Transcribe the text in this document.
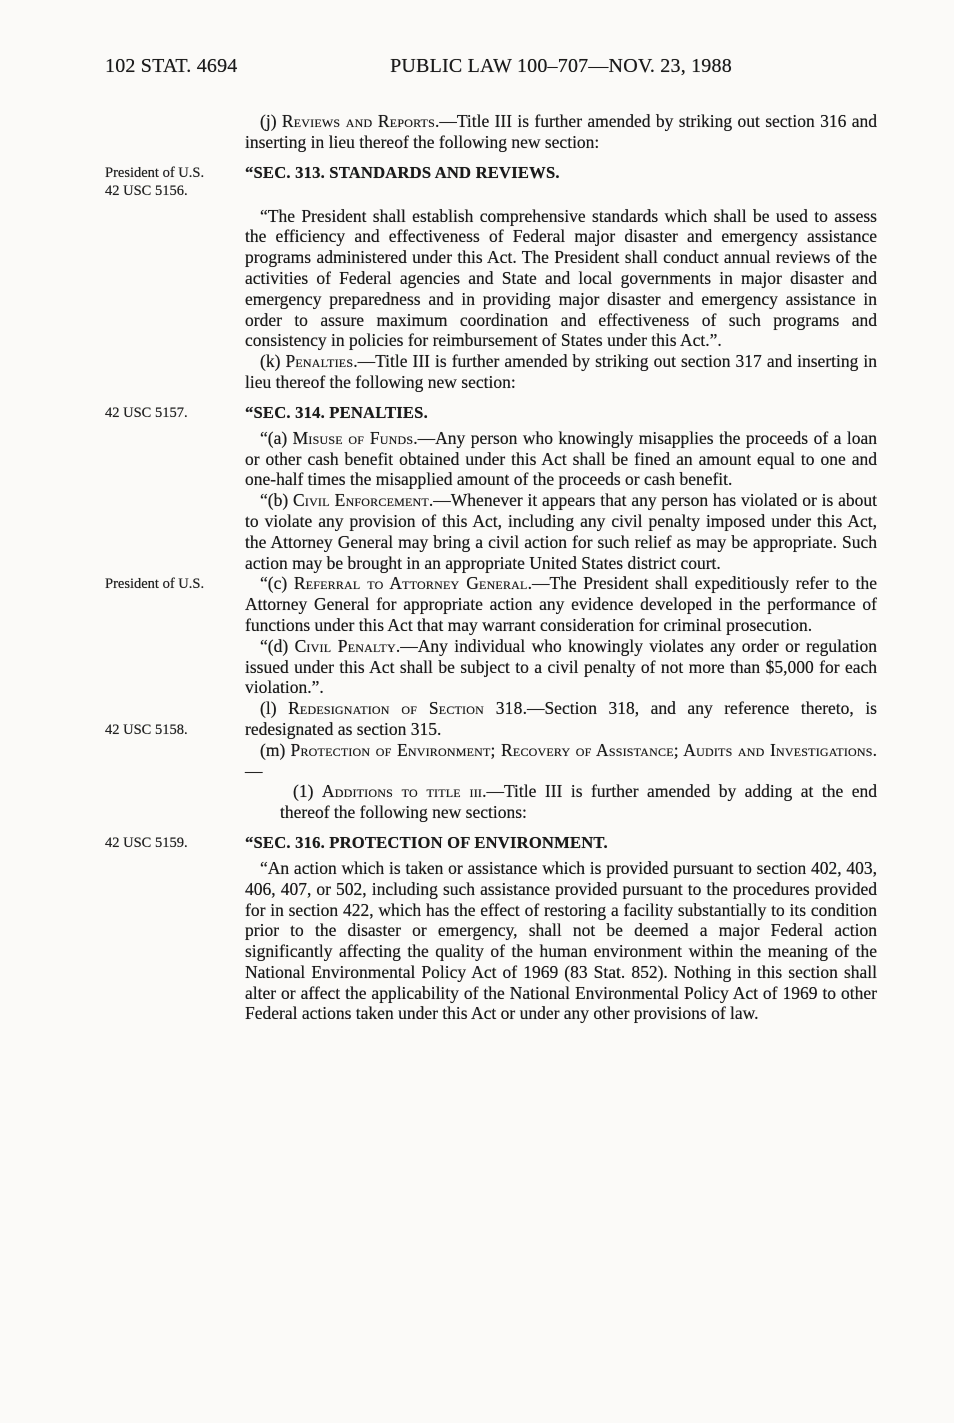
102 STAT. 4694	PUBLIC LAW 100–707—NOV. 23, 1988

(j) Reviews and Reports.—Title III is further amended by striking out section 316 and inserting in lieu thereof the following new section:

President of U.S.
42 USC 5156.

“SEC. 313. STANDARDS AND REVIEWS.

“The President shall establish comprehensive standards which shall be used to assess the efficiency and effectiveness of Federal major disaster and emergency assistance programs administered under this Act. The President shall conduct annual reviews of the activities of Federal agencies and State and local governments in major disaster and emergency preparedness and in providing major disaster and emergency assistance in order to assure maximum coordination and effectiveness of such programs and consistency in policies for reimbursement of States under this Act.”.

(k) Penalties.—Title III is further amended by striking out section 317 and inserting in lieu thereof the following new section:

42 USC 5157.	“SEC. 314. PENALTIES.

“(a) Misuse of Funds.—Any person who knowingly misapplies the proceeds of a loan or other cash benefit obtained under this Act shall be fined an amount equal to one and one-half times the misapplied amount of the proceeds or cash benefit.

“(b) Civil Enforcement.—Whenever it appears that any person has violated or is about to violate any provision of this Act, including any civil penalty imposed under this Act, the Attorney General may bring a civil action for such relief as may be appropriate. Such action may be brought in an appropriate United States district court.

President of U.S.	“(c) Referral to Attorney General.—The President shall expeditiously refer to the Attorney General for appropriate action any evidence developed in the performance of functions under this Act that may warrant consideration for criminal prosecution.

“(d) Civil Penalty.—Any individual who knowingly violates any order or regulation issued under this Act shall be subject to a civil penalty of not more than $5,000 for each violation.”.

42 USC 5158.

(l) Redesignation of Section 318.—Section 318, and any reference thereto, is redesignated as section 315.

(m) Protection of Environment; Recovery of Assistance; Audits and Investigations.—

(1) Additions to title iii.—Title III is further amended by adding at the end thereof the following new sections:

42 USC 5159.	“SEC. 316. PROTECTION OF ENVIRONMENT.

“An action which is taken or assistance which is provided pursuant to section 402, 403, 406, 407, or 502, including such assistance provided pursuant to the procedures provided for in section 422, which has the effect of restoring a facility substantially to its condition prior to the disaster or emergency, shall not be deemed a major Federal action significantly affecting the quality of the human environment within the meaning of the National Environmental Policy Act of 1969 (83 Stat. 852). Nothing in this section shall alter or affect the applicability of the National Environmental Policy Act of 1969 to other Federal actions taken under this Act or under any other provisions of law.
